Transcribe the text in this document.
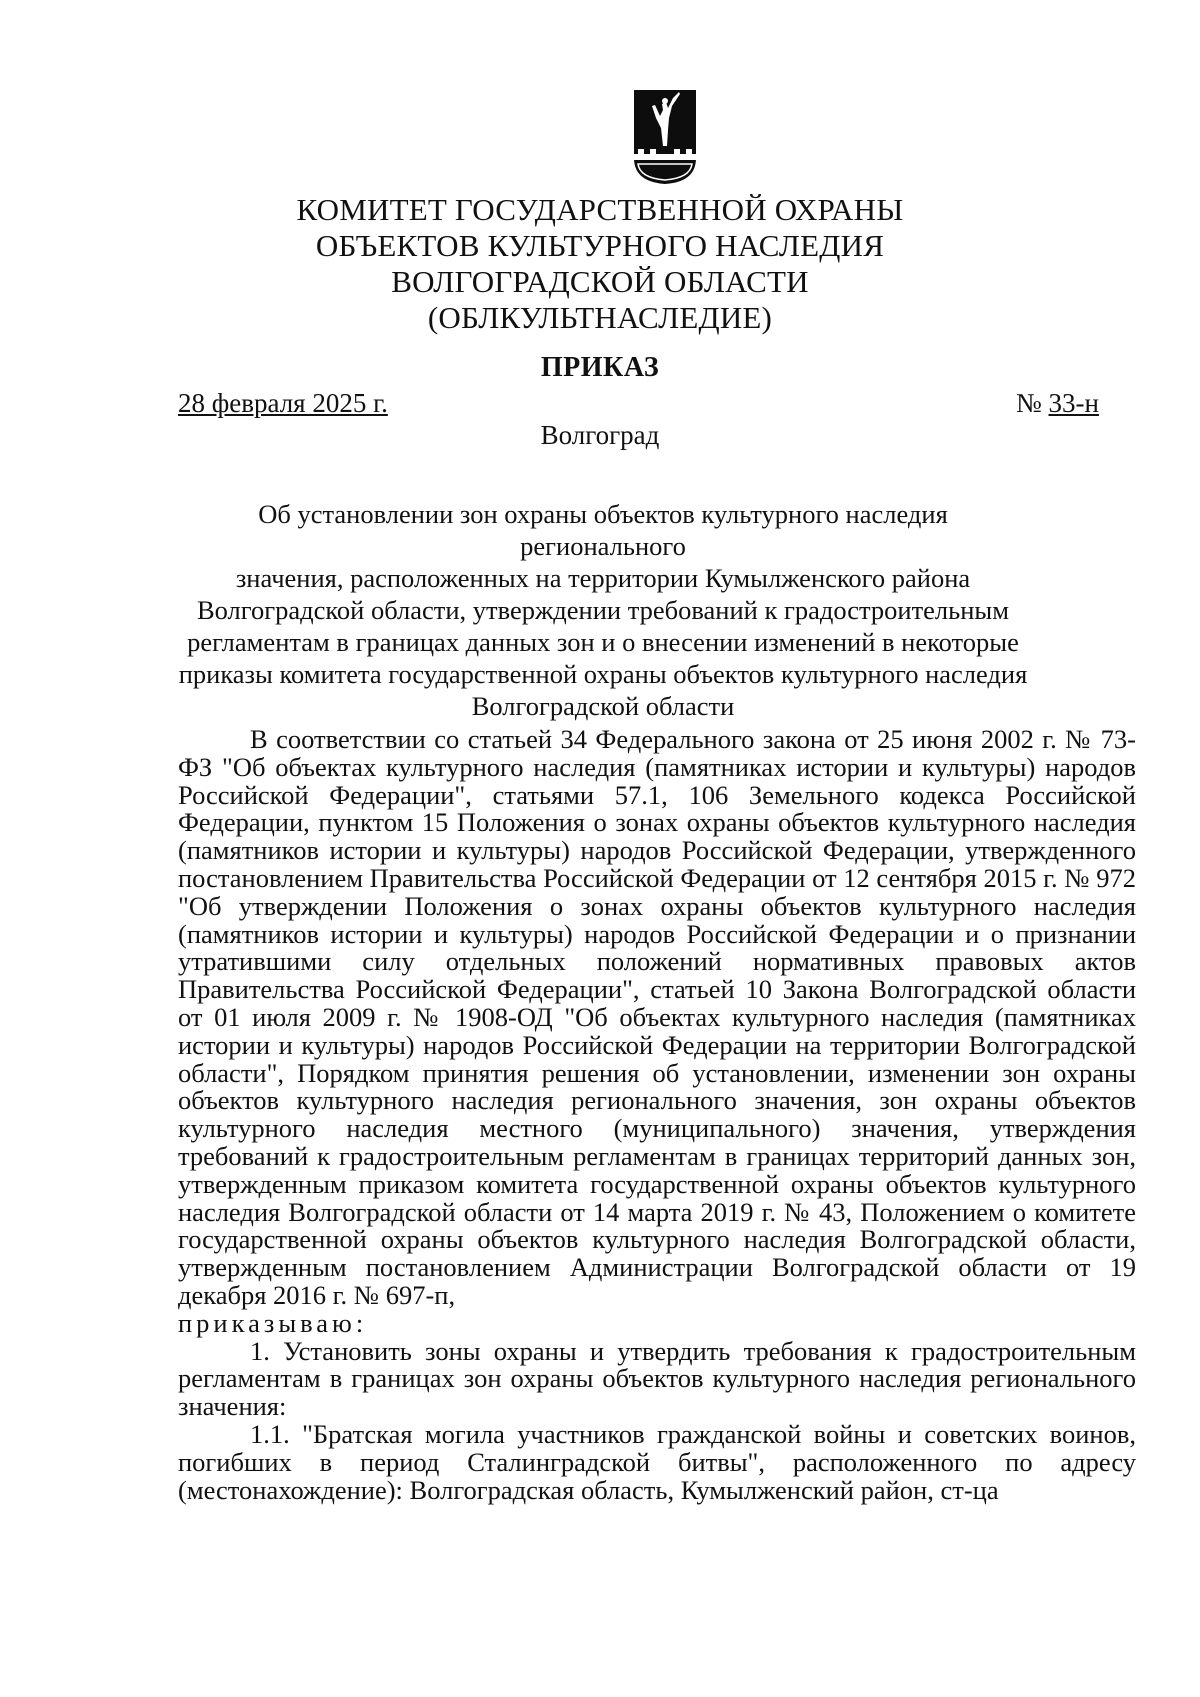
КОМИТЕТ ГОСУДАРСТВЕННОЙ ОХРАНЫ
ОБЪЕКТОВ КУЛЬТУРНОГО НАСЛЕДИЯ
ВОЛГОГРАДСКОЙ ОБЛАСТИ
(ОБЛКУЛЬТНАСЛЕДИЕ)
ПРИКАЗ
28 февраля 2025 г.	№ 33-н
Волгоград
Об установлении зон охраны объектов культурного наследия регионального
значения, расположенных на территории Кумылженского района
Волгоградской области, утверждении требований к градостроительным
регламентам в границах данных зон и о внесении изменений в некоторые
приказы комитета государственной охраны объектов культурного наследия
Волгоградской области

В соответствии со статьей 34 Федерального закона от 25 июня 2002 г. № 73-ФЗ "Об объектах культурного наследия (памятниках истории и культуры) народов Российской Федерации", статьями 57.1, 106 Земельного кодекса Российской Федерации, пунктом 15 Положения о зонах охраны объектов культурного наследия (памятников истории и культуры) народов Российской Федерации, утвержденного постановлением Правительства Российской Федерации от 12 сентября 2015 г. № 972 "Об утверждении Положения о зонах охраны объектов культурного наследия (памятников истории и культуры) народов Российской Федерации и о признании утратившими силу отдельных положений нормативных правовых актов Правительства Российской Федерации", статьей 10 Закона Волгоградской области от 01 июля 2009 г. № 1908-ОД "Об объектах культурного наследия (памятниках истории и культуры) народов Российской Федерации на территории Волгоградской области", Порядком принятия решения об установлении, изменении зон охраны объектов культурного наследия регионального значения, зон охраны объектов культурного наследия местного (муниципального) значения, утверждения требований к градостроительным регламентам в границах территорий данных зон, утвержденным приказом комитета государственной охраны объектов культурного наследия Волгоградской области от 14 марта 2019 г. № 43, Положением о комитете государственной охраны объектов культурного наследия Волгоградской области, утвержденным постановлением Администрации Волгоградской области от 19 декабря 2016 г. № 697-п,
приказываю:

1. Установить зоны охраны и утвердить требования к градостроительным регламентам в границах зон охраны объектов культурного наследия регионального значения:

1.1. "Братская могила участников гражданской войны и советских воинов, погибших в период Сталинградской битвы", расположенного по адресу (местонахождение): Волгоградская область, Кумылженский район, ст-ца
